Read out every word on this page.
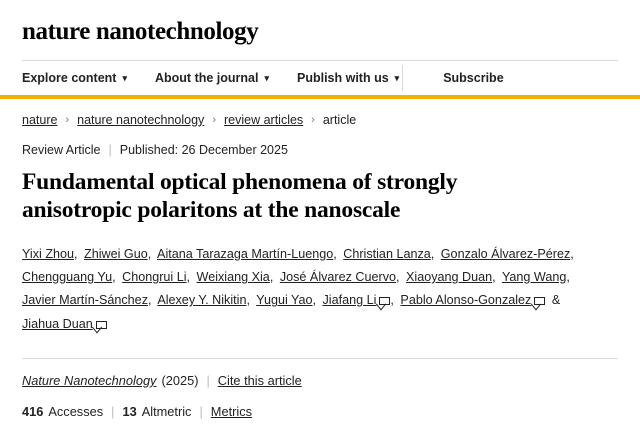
nature nanotechnology
Explore content ▾ About the journal ▾ Publish with us ▾	Subscribe
nature › nature nanotechnology › review articles › article
Review Article | Published: 26 December 2025
Fundamental optical phenomena of strongly anisotropic polaritons at the nanoscale
Yixi Zhou, Zhiwei Guo, Aitana Tarazaga Martín-Luengo, Christian Lanza, Gonzalo Álvarez-Pérez, Chengguang Yu, Chongrui Li, Weixiang Xia, José Álvarez Cuervo, Xiaoyang Duan, Yang Wang, Javier Martín-Sánchez, Alexey Y. Nikitin, Yugui Yao, Jiafang Li , Pablo Alonso-Gonzalez & Jiahua Duan
Nature Nanotechnology (2025) | Cite this article
416 Accesses | 13 Altmetric | Metrics
